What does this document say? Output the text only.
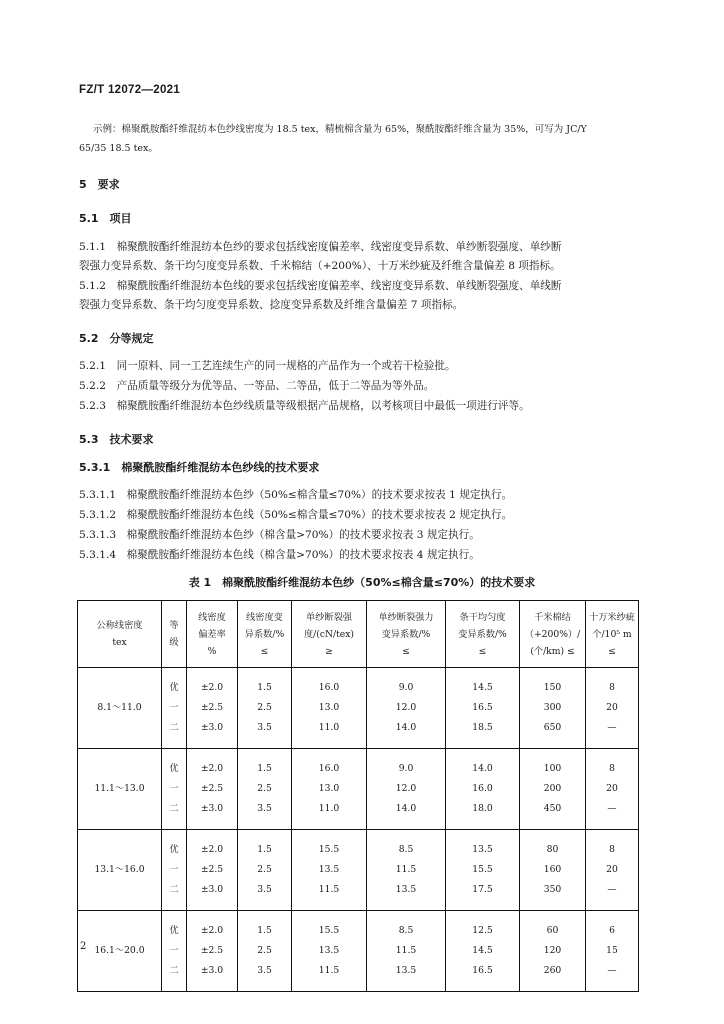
FZ/T 12072—2021
示例：棉聚酰胺酯纤维混纺本色纱线密度为 18.5 tex，精梳棉含量为 65%，聚酰胺酯纤维含量为 35%，可写为 JC/Y
65/35 18.5 tex。
5　 要求
5.1　 项目
5.1.1　 棉聚酰胺酯纤维混纺本色纱的要求包括线密度偏差率、线密度变异系数、单纱断裂强度、单纱断
裂强力变异系数、条干均匀度变异系数、千米棉结（+200%）、十万米纱疵及纤维含量偏差 8 项指标。
5.1.2　 棉聚酰胺酯纤维混纺本色线的要求包括线密度偏差率、线密度变异系数、单线断裂强度、单线断
裂强力变异系数、条干均匀度变异系数、捻度变异系数及纤维含量偏差 7 项指标。
5.2　 分等规定
5.2.1　 同一原料、同一工艺连续生产的同一规格的产品作为一个或若干检验批。
5.2.2　 产品质量等级分为优等品、一等品、二等品，低于二等品为等外品。
5.2.3　 棉聚酰胺酯纤维混纺本色纱线质量等级根据产品规格，以考核项目中最低一项进行评等。
5.3　 技术要求
5.3.1　 棉聚酰胺酯纤维混纺本色纱线的技术要求
5.3.1.1　 棉聚酰胺酯纤维混纺本色纱（50%≤棉含量≤70%）的技术要求按表 1 规定执行。
5.3.1.2　 棉聚酰胺酯纤维混纺本色线（50%≤棉含量≤70%）的技术要求按表 2 规定执行。
5.3.1.3　 棉聚酰胺酯纤维混纺本色纱（棉含量>70%）的技术要求按表 3 规定执行。
5.3.1.4　 棉聚酰胺酯纤维混纺本色线（棉含量>70%）的技术要求按表 4 规定执行。
表 1　棉聚酰胺酯纤维混纺本色纱（50%≤棉含量≤70%）的技术要求
公称线密度
tex	等
级	线密度
偏差率
%	线密度变
异系数/%
≤	单纱断裂强
度/(cN/tex)
≥	单纱断裂强力
变异系数/%
≤	条干均匀度
变异系数/%
≤	千米棉结
（+200%）/
(个/km) ≤	十万米纱疵
个/10⁵ m
≤
	优	±2.0	1.5	16.0	9.0	14.5	150	8
8.1～11.0	一	±2.5	2.5	13.0	12.0	16.5	300	20
	二	±3.0	3.5	11.0	14.0	18.5	650	—
	优	±2.0	1.5	16.0	9.0	14.0	100	8
11.1～13.0	一	±2.5	2.5	13.0	12.0	16.0	200	20
	二	±3.0	3.5	11.0	14.0	18.0	450	—
	优	±2.0	1.5	15.5	8.5	13.5	80	8
13.1～16.0	一	±2.5	2.5	13.5	11.5	15.5	160	20
	二	±3.0	3.5	11.5	13.5	17.5	350	—
	优	±2.0	1.5	15.5	8.5	12.5	60	6
16.1～20.0	一	±2.5	2.5	13.5	11.5	14.5	120	15
	二	±3.0	3.5	11.5	13.5	16.5	260	—
2
